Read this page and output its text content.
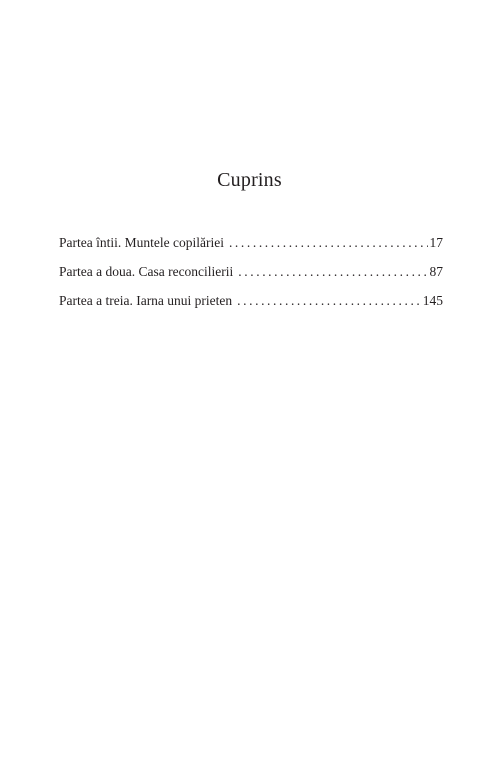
Cuprins
Partea întii. Muntele copilăriei .....	17
Partea a doua. Casa reconcilierii .....	87
Partea a treia. Iarna unui prieten .....	145
